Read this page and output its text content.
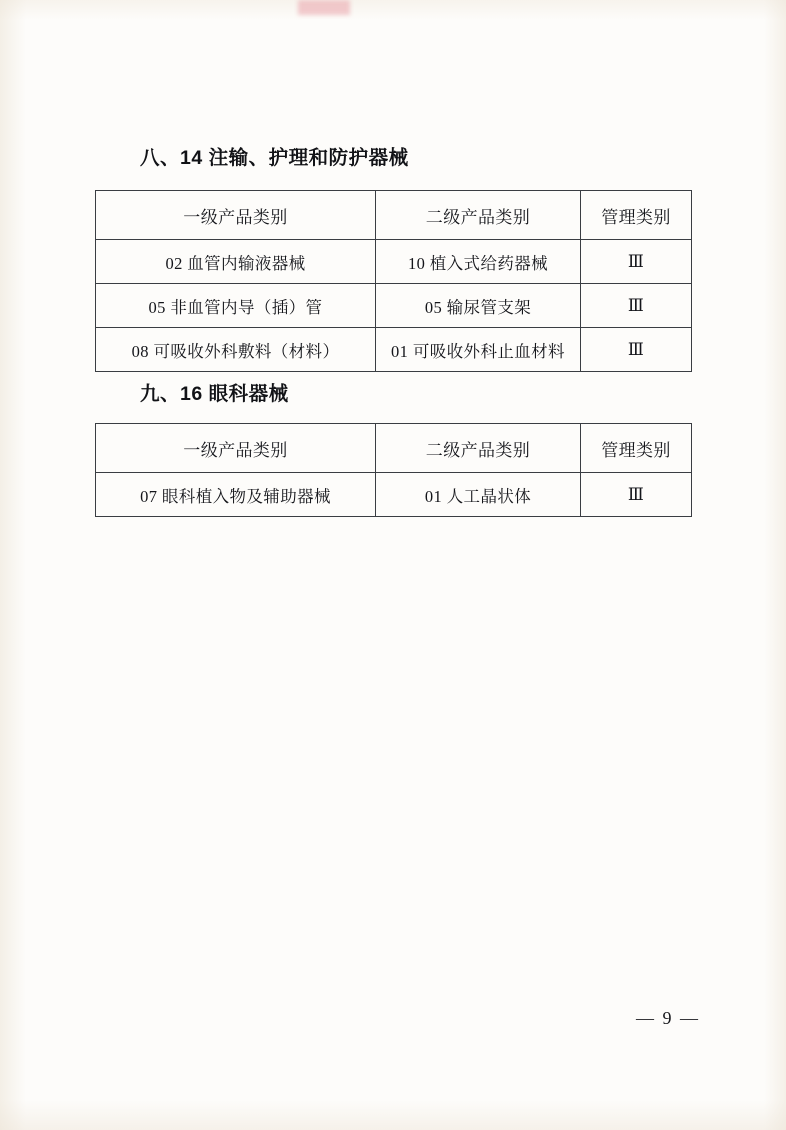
八、14 注输、护理和防护器械
一级产品类别	二级产品类别	管理类别
02 血管内输液器械	10 植入式给药器械	Ⅲ
05 非血管内导（插）管	05 输尿管支架	Ⅲ
08 可吸收外科敷料（材料）	01 可吸收外科止血材料	Ⅲ
九、16 眼科器械
一级产品类别	二级产品类别	管理类别
07 眼科植入物及辅助器械	01 人工晶状体	Ⅲ
— 9 —
